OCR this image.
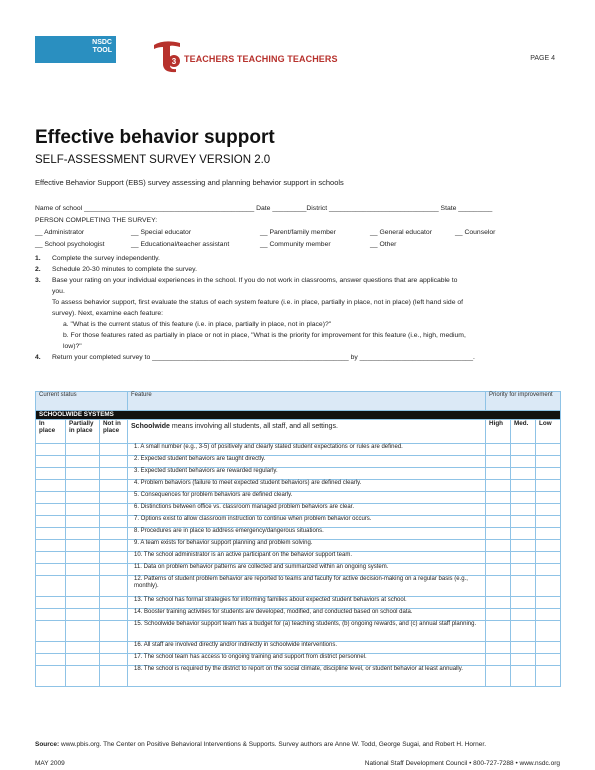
NSDC
TOOL
3 TEACHERS TEACHING TEACHERS	PAGE 4
Effective behavior support
SELF-ASSESSMENT SURVEY VERSION 2.0
Effective Behavior Support (EBS) survey assessing and planning behavior support in schools
Name of school _____________________________________________ Date _________District _____________________________ State _________
PERSON COMPLETING THE SURVEY:
__ Administrator	__ Special educator	__ Parent/family member	__ General educator	__ Counselor
__ School psychologist	__ Educational/teacher assistant	__ Community member	__ Other
1. Complete the survey independently.
2. Schedule 20-30 minutes to complete the survey.
3. Base your rating on your individual experiences in the school. If you do not work in classrooms, answer questions that are applicable to
you.
To assess behavior support, first evaluate the status of each system feature (i.e. in place, partially in place, not in place) (left hand side of
survey). Next, examine each feature:
a. "What is the current status of this feature (i.e. in place, partially in place, not in place)?"
b. For those features rated as partially in place or not in place, "What is the priority for improvement for this feature (i.e., high, medium,
low)?"
4. Return your completed survey to ____________________________________________________ by ______________________________.
Current status			Feature	Priority for improvement		
SCHOOLWIDE SYSTEMS						
In place	Partially in place	Not in place	Schoolwide means involving all students, all staff, and all settings.	High	Med.	Low
			1. A small number (e.g., 3-5) of positively and clearly stated student expectations or rules are defined.			
			2. Expected student behaviors are taught directly.			
			3. Expected student behaviors are rewarded regularly.			
			4. Problem behaviors (failure to meet expected student behaviors) are defined clearly.			
			5. Consequences for problem behaviors are defined clearly.			
			6. Distinctions between office vs. classroom managed problem behaviors are clear.			
			7. Options exist to allow classroom instruction to continue when problem behavior occurs.			
			8. Procedures are in place to address emergency/dangerous situations.			
			9. A team exists for behavior support planning and problem solving.			
			10. The school administrator is an active participant on the behavior support team.			
			11. Data on problem behavior patterns are collected and summarized within an ongoing system.			
			12. Patterns of student problem behavior are reported to teams and faculty for active decision-making on a regular basis (e.g., monthly).			
			13. The school has formal strategies for informing families about expected student behaviors at school.			
			14. Booster training activities for students are developed, modified, and conducted based on school data.			
			15. Schoolwide behavior support team has a budget for (a) teaching students, (b) ongoing rewards, and (c) annual staff planning.			
			16. All staff are involved directly and/or indirectly in schoolwide interventions.			
			17. The school team has access to ongoing training and support from district personnel.			
			18. The school is required by the district to report on the social climate, discipline level, or student behavior at least annually.			
Source: www.pbis.org. The Center on Positive Behavioral Interventions & Supports. Survey authors are Anne W. Todd, George Sugai, and Robert H. Horner.
MAY 2009	National Staff Development Council • 800-727-7288 • www.nsdc.org
